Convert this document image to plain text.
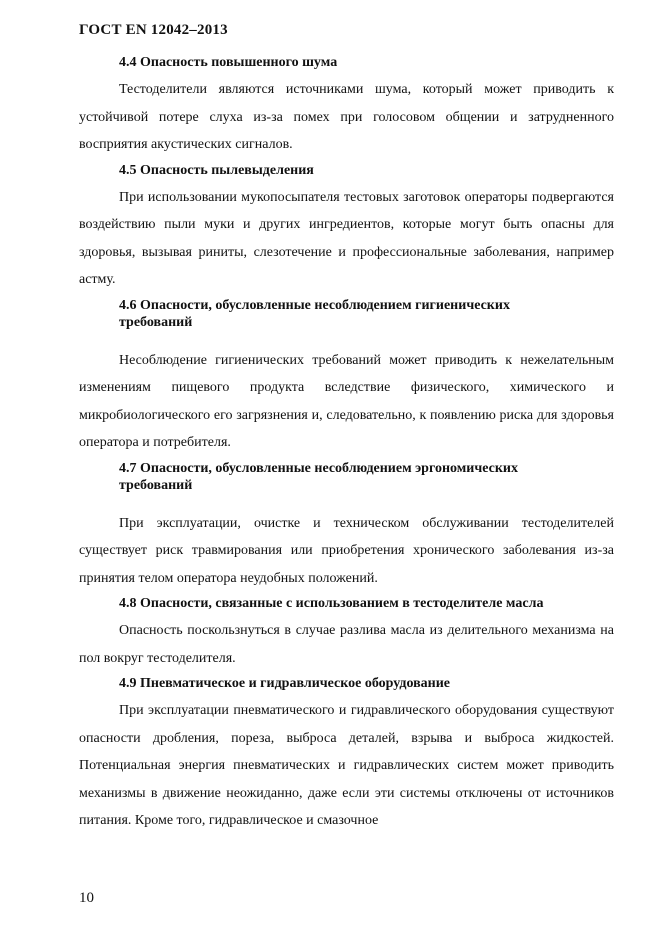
ГОСТ EN 12042–2013
4.4 Опасность повышенного шума

Тестоделители являются источниками шума, который может приводить к устойчивой потере слуха из-за помех при голосовом общении и затрудненного восприятия акустических сигналов.

4.5 Опасность пылевыделения

При использовании мукопосыпателя тестовых заготовок операторы подвергаются воздействию пыли муки и других ингредиентов, которые могут быть опасны для здоровья, вызывая риниты, слезотечение и профессиональные заболевания, например астму.

4.6 Опасности, обусловленные несоблюдением гигиенических требований

Несоблюдение гигиенических требований может приводить к нежелательным изменениям пищевого продукта вследствие физического, химического и микробиологического его загрязнения и, следовательно, к появлению риска для здоровья оператора и потребителя.

4.7 Опасности, обусловленные несоблюдением эргономических требований

При эксплуатации, очистке и техническом обслуживании тестоделителей существует риск травмирования или приобретения хронического заболевания из-за принятия телом оператора неудобных положений.

4.8 Опасности, связанные с использованием в тестоделителе масла

Опасность поскользнуться в случае разлива масла из делительного механизма на пол вокруг тестоделителя.

4.9 Пневматическое и гидравлическое оборудование

При эксплуатации пневматического и гидравлического оборудования существуют опасности дробления, пореза, выброса деталей, взрыва и выброса жидкостей. Потенциальная энергия пневматических и гидравлических систем может приводить механизмы в движение неожиданно, даже если эти системы отключены от источников питания. Кроме того, гидравлическое и смазочное

10
